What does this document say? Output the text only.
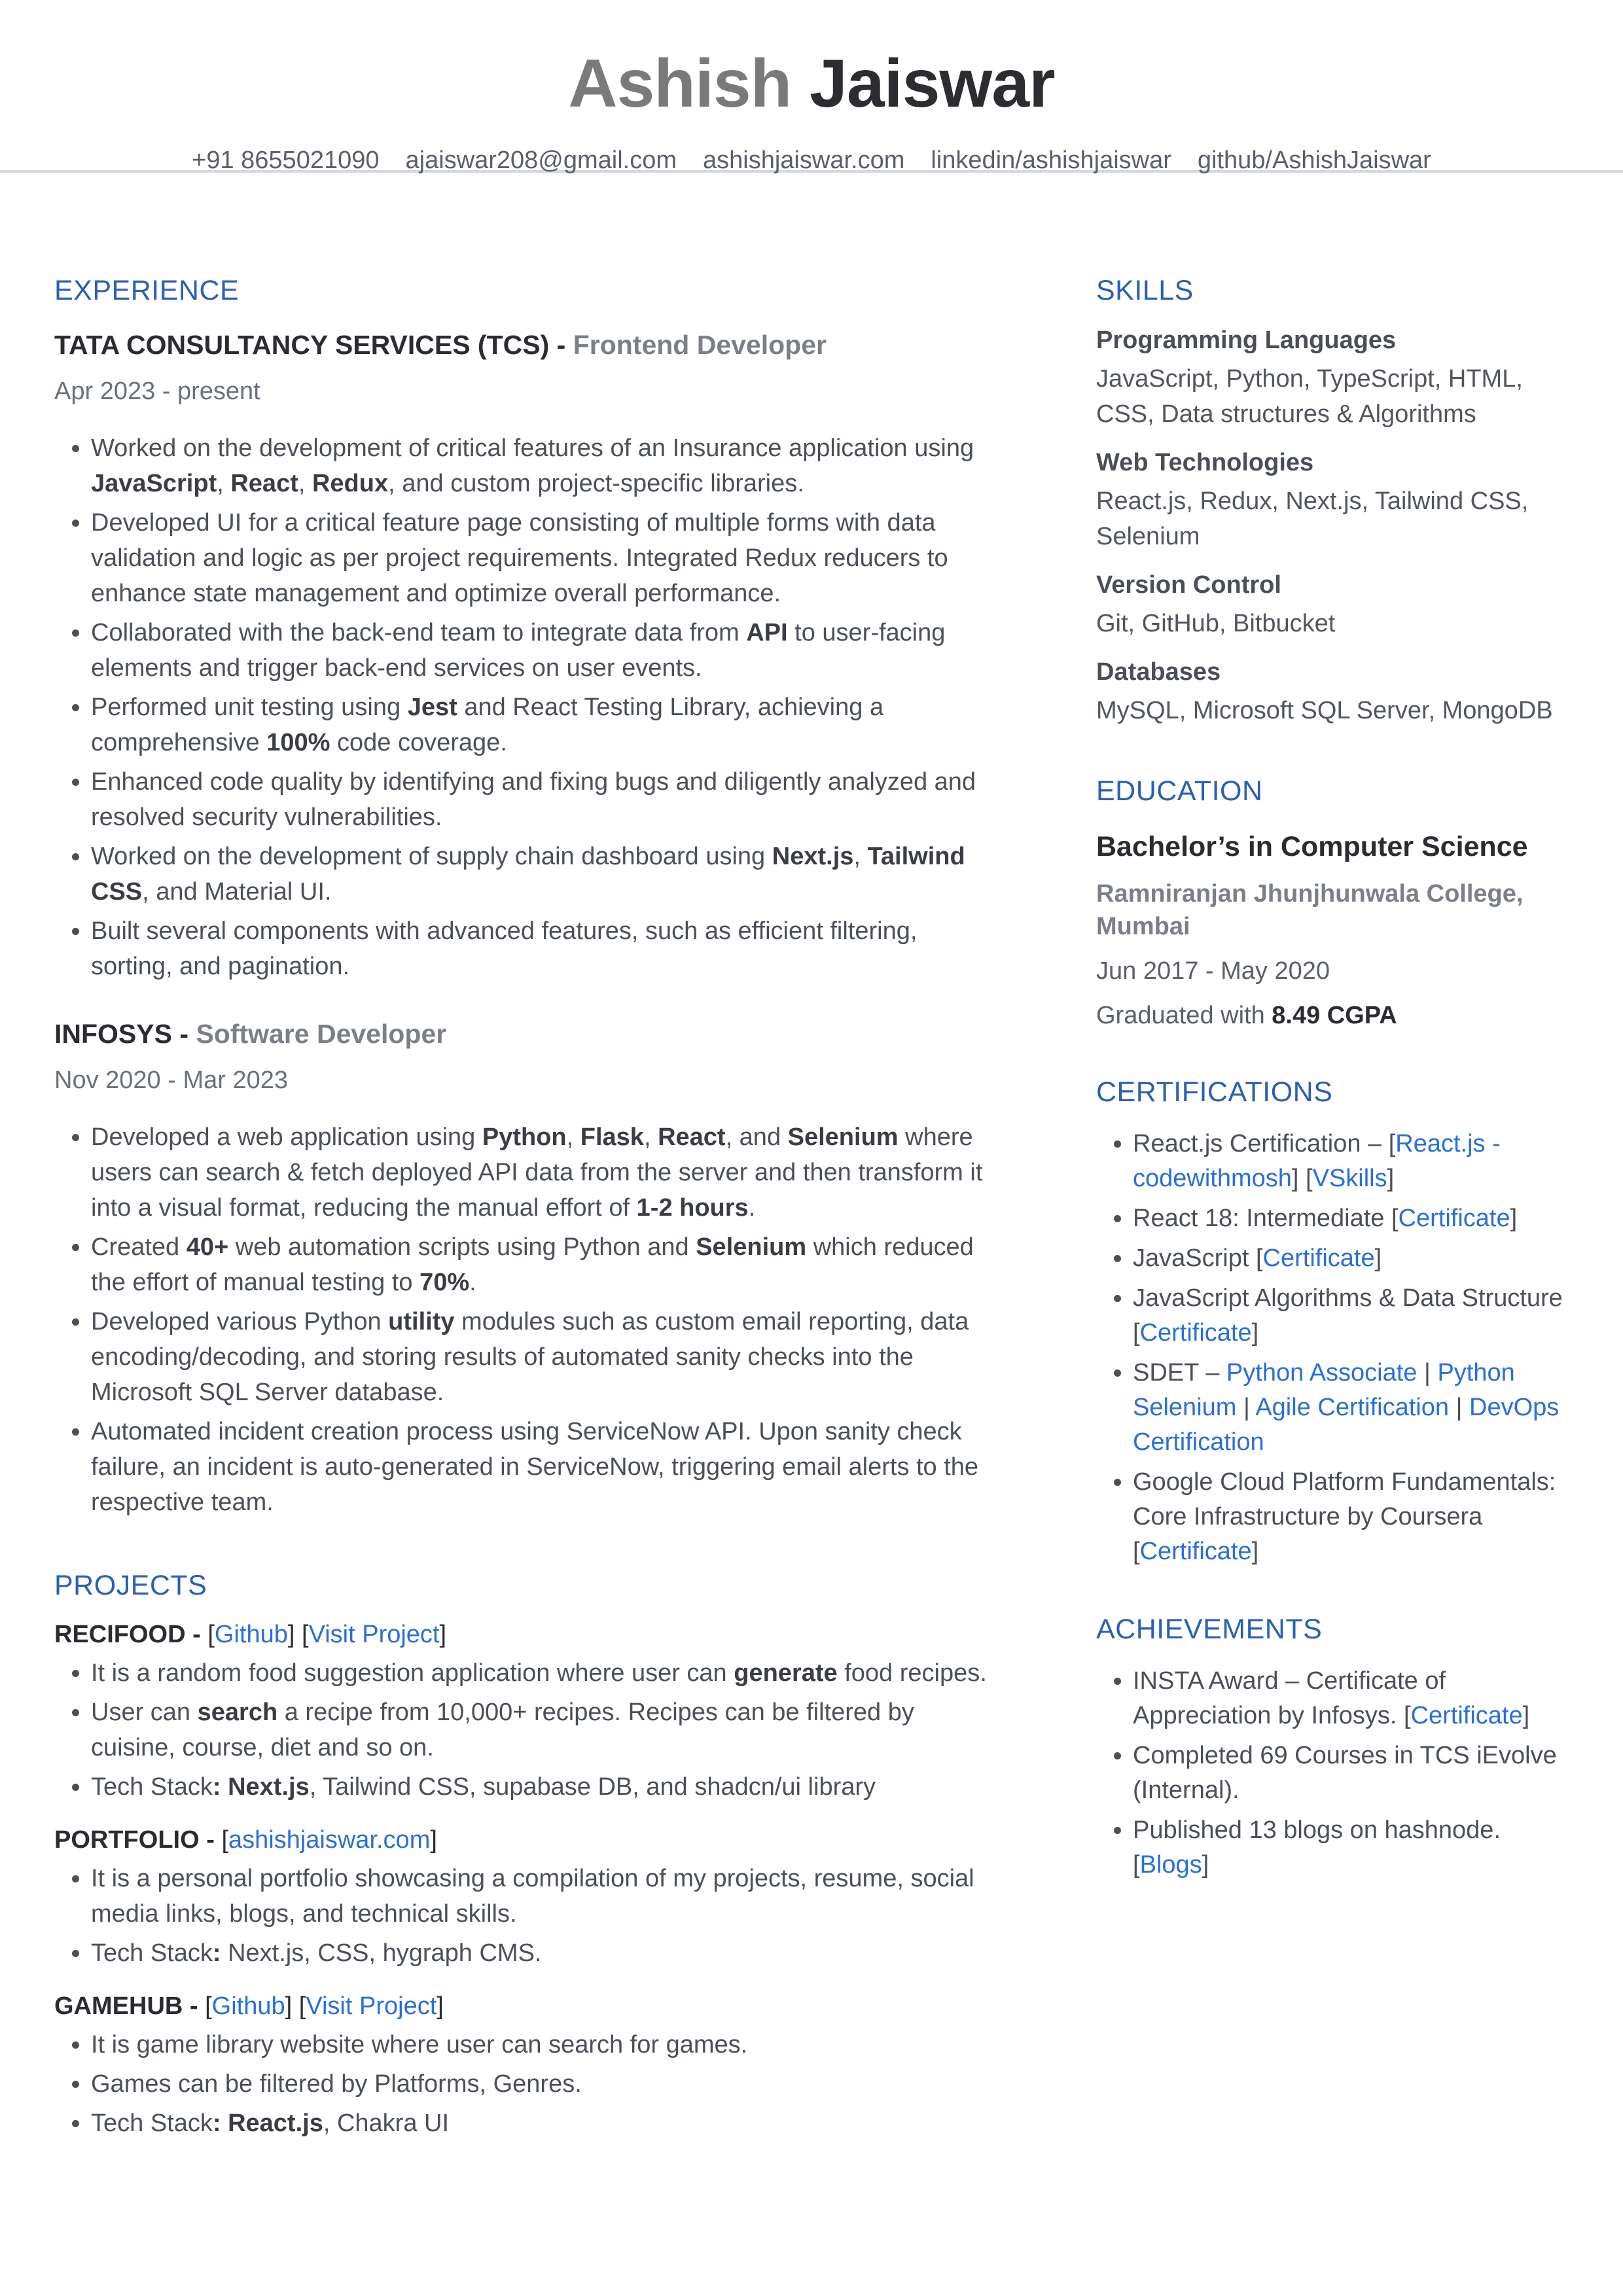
Ashish Jaiswar
+91 8655021090 ajaiswar208@gmail.com ashishjaiswar.com linkedin/ashishjaiswar github/AshishJaiswar
EXPERIENCE
TATA CONSULTANCY SERVICES (TCS) - Frontend Developer
Apr 2023 - present
• Worked on the development of critical features of an Insurance application using JavaScript, React, Redux, and custom project-specific libraries.
• Developed UI for a critical feature page consisting of multiple forms with data validation and logic as per project requirements. Integrated Redux reducers to enhance state management and optimize overall performance.
• Collaborated with the back-end team to integrate data from API to user-facing elements and trigger back-end services on user events.
• Performed unit testing using Jest and React Testing Library, achieving a comprehensive 100% code coverage.
• Enhanced code quality by identifying and fixing bugs and diligently analyzed and resolved security vulnerabilities.
• Worked on the development of supply chain dashboard using Next.js, Tailwind CSS, and Material UI.
• Built several components with advanced features, such as efficient filtering, sorting, and pagination.
INFOSYS - Software Developer
Nov 2020 - Mar 2023
• Developed a web application using Python, Flask, React, and Selenium where users can search & fetch deployed API data from the server and then transform it into a visual format, reducing the manual effort of 1-2 hours.
• Created 40+ web automation scripts using Python and Selenium which reduced the effort of manual testing to 70%.
• Developed various Python utility modules such as custom email reporting, data encoding/decoding, and storing results of automated sanity checks into the Microsoft SQL Server database.
• Automated incident creation process using ServiceNow API. Upon sanity check failure, an incident is auto-generated in ServiceNow, triggering email alerts to the respective team.
PROJECTS
RECIFOOD - [Github] [Visit Project]
• It is a random food suggestion application where user can generate food recipes.
• User can search a recipe from 10,000+ recipes. Recipes can be filtered by cuisine, course, diet and so on.
• Tech Stack: Next.js, Tailwind CSS, supabase DB, and shadcn/ui library
PORTFOLIO - [ashishjaiswar.com]
• It is a personal portfolio showcasing a compilation of my projects, resume, social media links, blogs, and technical skills.
• Tech Stack: Next.js, CSS, hygraph CMS.
GAMEHUB - [Github] [Visit Project]
• It is game library website where user can search for games.
• Games can be filtered by Platforms, Genres.
• Tech Stack: React.js, Chakra UI
SKILLS
Programming Languages
JavaScript, Python, TypeScript, HTML, CSS, Data structures & Algorithms
Web Technologies
React.js, Redux, Next.js, Tailwind CSS, Selenium
Version Control
Git, GitHub, Bitbucket
Databases
MySQL, Microsoft SQL Server, MongoDB
EDUCATION
Bachelor’s in Computer Science
Ramniranjan Jhunjhunwala College, Mumbai
Jun 2017 - May 2020
Graduated with 8.49 CGPA
CERTIFICATIONS
• React.js Certification – [React.js - codewithmosh] [VSkills]
• React 18: Intermediate [Certificate]
• JavaScript [Certificate]
• JavaScript Algorithms & Data Structure [Certificate]
• SDET – Python Associate | Python Selenium | Agile Certification | DevOps Certification
• Google Cloud Platform Fundamentals: Core Infrastructure by Coursera [Certificate]
ACHIEVEMENTS
• INSTA Award – Certificate of Appreciation by Infosys. [Certificate]
• Completed 69 Courses in TCS iEvolve (Internal).
• Published 13 blogs on hashnode. [Blogs]
